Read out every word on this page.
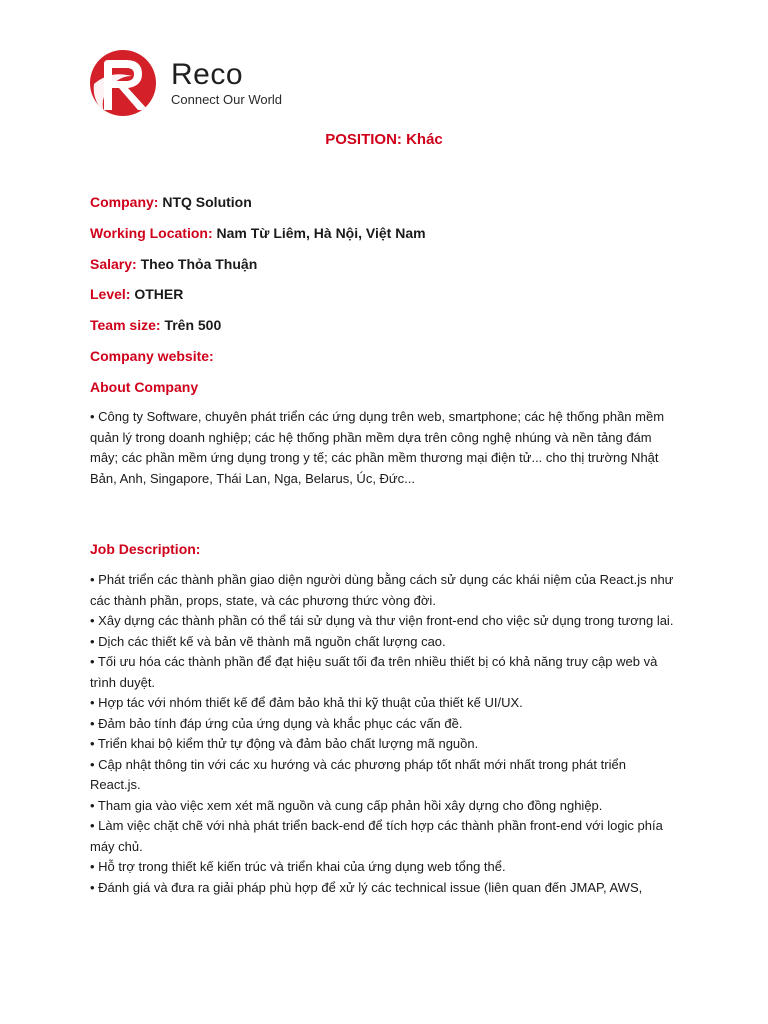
Reco
Connect Our World
POSITION: Khác
Company: NTQ Solution
Working Location: Nam Từ Liêm, Hà Nội, Việt Nam
Salary: Theo Thỏa Thuận
Level: OTHER
Team size: Trên 500
Company website:
About Company

• Công ty Software, chuyên phát triển các ứng dụng trên web, smartphone; các hệ thống phần mềm quản lý trong doanh nghiệp; các hệ thống phần mềm dựa trên công nghệ nhúng và nền tảng đám mây; các phần mềm ứng dụng trong y tế; các phần mềm thương mại điện tử... cho thị trường Nhật Bản, Anh, Singapore, Thái Lan, Nga, Belarus, Úc, Đức...

Job Description:

• Phát triển các thành phần giao diện người dùng bằng cách sử dụng các khái niệm của React.js như các thành phần, props, state, và các phương thức vòng đời.

• Xây dựng các thành phần có thể tái sử dụng và thư viện front-end cho việc sử dụng trong tương lai.

• Dịch các thiết kế và bản vẽ thành mã nguồn chất lượng cao.

• Tối ưu hóa các thành phần để đạt hiệu suất tối đa trên nhiều thiết bị có khả năng truy cập web và trình duyệt.

• Hợp tác với nhóm thiết kế để đảm bảo khả thi kỹ thuật của thiết kế UI/UX.

• Đảm bảo tính đáp ứng của ứng dụng và khắc phục các vấn đề.

• Triển khai bộ kiểm thử tự động và đảm bảo chất lượng mã nguồn.

• Cập nhật thông tin với các xu hướng và các phương pháp tốt nhất mới nhất trong phát triển React.js.

• Tham gia vào việc xem xét mã nguồn và cung cấp phản hồi xây dựng cho đồng nghiệp.

• Làm việc chặt chẽ với nhà phát triển back-end để tích hợp các thành phần front-end với logic phía máy chủ.

• Hỗ trợ trong thiết kế kiến trúc và triển khai của ứng dụng web tổng thể.

• Đánh giá và đưa ra giải pháp phù hợp để xử lý các technical issue (liên quan đến JMAP, AWS,
